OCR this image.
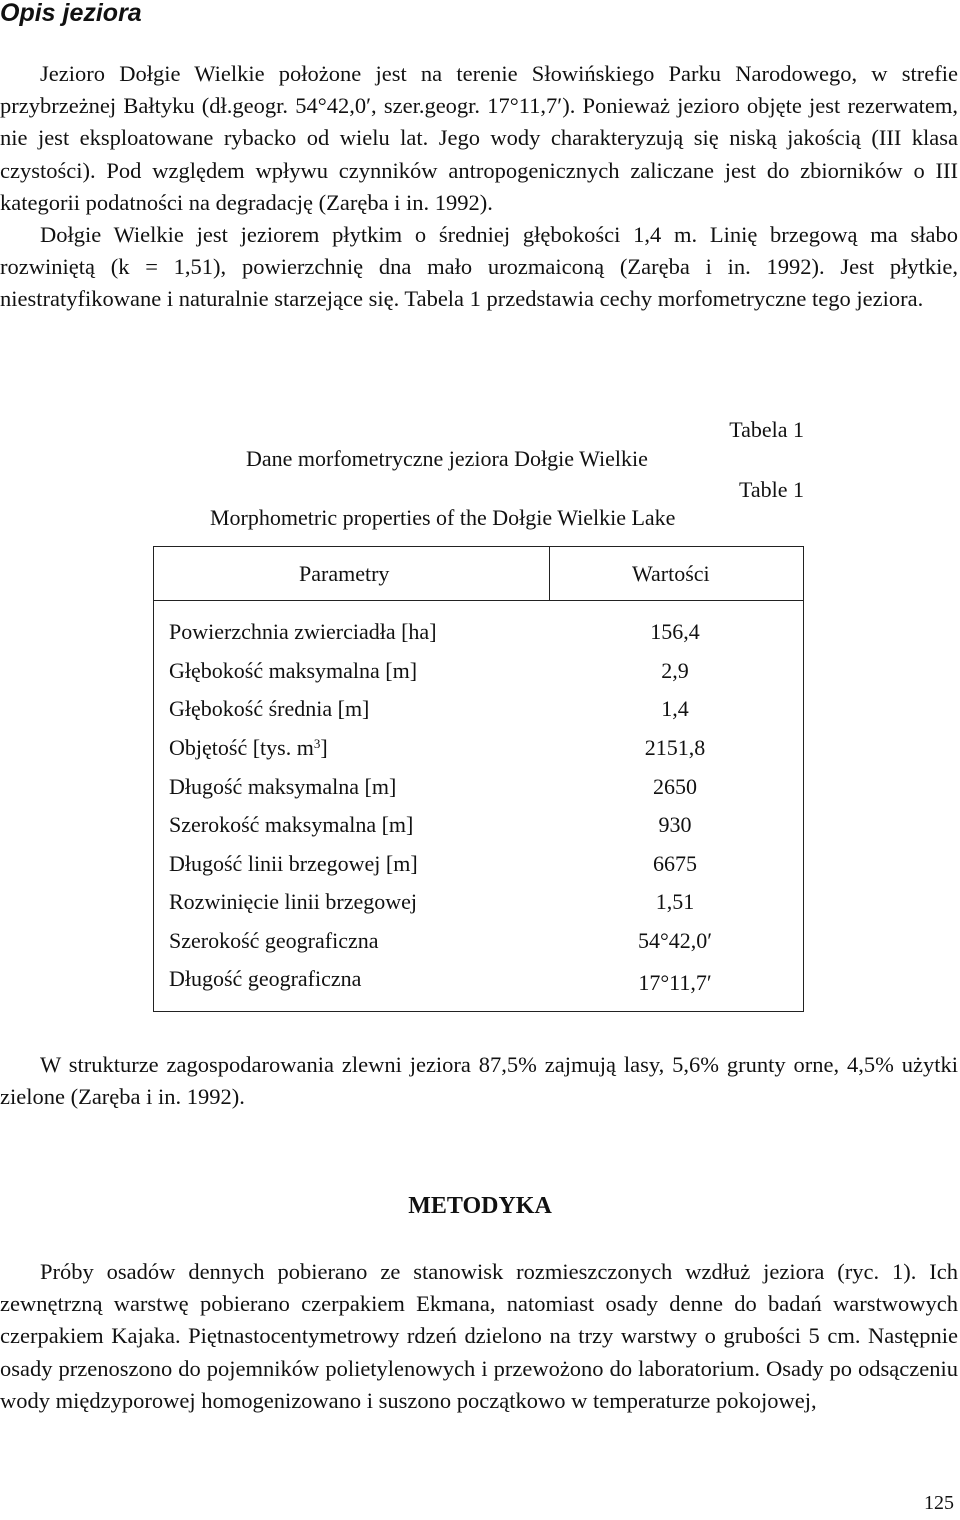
Opis jeziora

Jezioro Dołgie Wielkie położone jest na terenie Słowińskiego Parku Narodowego, w strefie przybrzeżnej Bałtyku (dł.geogr. 54°42,0′, szer.geogr. 17°11,7′). Ponieważ jezioro objęte jest rezerwatem, nie jest eksploatowane rybacko od wielu lat. Jego wody charakteryzują się niską jakością (III klasa czystości). Pod względem wpływu czynników antropogenicznych zaliczane jest do zbiorników o III kategorii podatności na degradację (Zaręba i in. 1992).

Dołgie Wielkie jest jeziorem płytkim o średniej głębokości 1,4 m. Linię brzegową ma słabo rozwiniętą (k = 1,51), powierzchnię dna mało urozmaiconą (Zaręba i in. 1992). Jest płytkie, niestratyfikowane i naturalnie starzejące się. Tabela 1 przedstawia cechy morfometryczne tego jeziora.

Tabela 1
Dane morfometryczne jeziora Dołgie Wielkie
Table 1
Morphometric properties of the Dołgie Wielkie Lake
Parametry	Wartości
Powierzchnia zwierciadła [ha]	156,4
Głębokość maksymalna [m]	2,9
Głębokość średnia [m]	1,4
Objętość [tys. $m^3$]	2151,8
Długość maksymalna [m]	2650
Szerokość maksymalna [m]	930
Długość linii brzegowej [m]	6675
Rozwinięcie linii brzegowej	1,51
Szerokość geograficzna	54°42,0′
Długość geograficzna	17°11,7′

W strukturze zagospodarowania zlewni jeziora 87,5% zajmują lasy, 5,6% grunty orne, 4,5% użytki zielone (Zaręba i in. 1992).

METODYKA

Próby osadów dennych pobierano ze stanowisk rozmieszczonych wzdłuż jeziora (ryc. 1). Ich zewnętrzną warstwę pobierano czerpakiem Ekmana, natomiast osady denne do badań warstwowych czerpakiem Kajaka. Piętnastocentymetrowy rdzeń dzielono na trzy warstwy o grubości 5 cm. Następnie osady przenoszono do pojemników polietylenowych i przewożono do laboratorium. Osady po odsączeniu wody międzyporowej homogenizowano i suszono początkowo w temperaturze pokojowej,

125
